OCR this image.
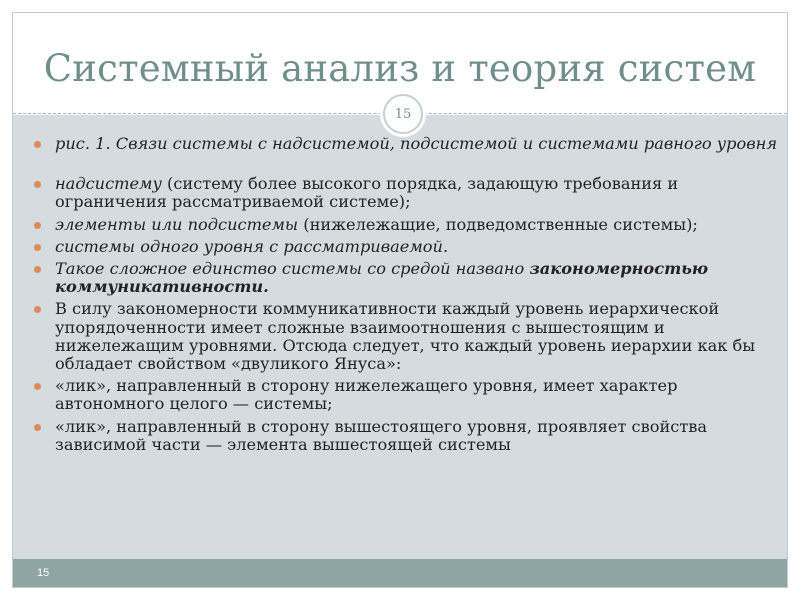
Системный анализ и теория систем
15
рис. 1. Связи системы с надсистемой, подсистемой и системами равного уровня
надсистему (систему более высокого порядка, задающую требования и ограничения рассматриваемой системе);
элементы или подсистемы (нижележащие, подведомственные системы);
системы одного уровня с рассматриваемой.
Такое сложное единство системы со средой названо закономерностью коммуникативности.
В силу закономерности коммуникативности каждый уровень иерархической упорядоченности имеет сложные взаимоотношения с вышестоящим и нижележащим уровнями. Отсюда следует, что каждый уровень иерархии как бы обладает свойством «двуликого Януса»:
«лик», направленный в сторону нижележащего уровня, имеет характер автономного целого — системы;
«лик», направленный в сторону вышестоящего уровня, проявляет свойства зависимой части — элемента вышестоящей системы
15
